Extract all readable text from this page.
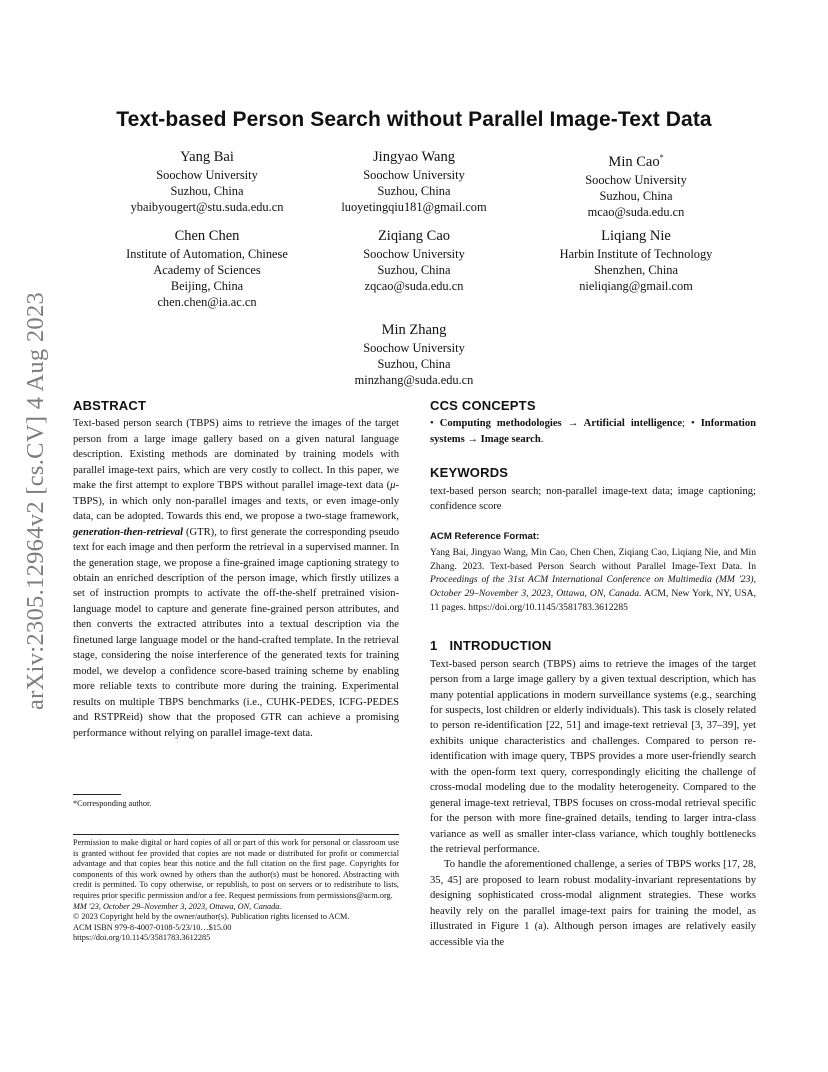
Text-based Person Search without Parallel Image-Text Data
Yang Bai
Soochow University
Suzhou, China
ybaibyougert@stu.suda.edu.cn
Jingyao Wang
Soochow University
Suzhou, China
luoyetingqiu181@gmail.com
Min Cao*
Soochow University
Suzhou, China
mcao@suda.edu.cn
Chen Chen
Institute of Automation, Chinese
Academy of Sciences
Beijing, China
chen.chen@ia.ac.cn
Ziqiang Cao
Soochow University
Suzhou, China
zqcao@suda.edu.cn
Liqiang Nie
Harbin Institute of Technology
Shenzhen, China
nieliqiang@gmail.com
Min Zhang
Soochow University
Suzhou, China
minzhang@suda.edu.cn
arXiv:2305.12964v2 [cs.CV] 4 Aug 2023 ABSTRACT

Text-based person search (TBPS) aims to retrieve the images of the target person from a large image gallery based on a given natural language description. Existing methods are dominated by training models with parallel image-text pairs, which are very costly to collect. In this paper, we make the first attempt to explore TBPS without parallel image-text data (μ-TBPS), in which only non-parallel images and texts, or even image-only data, can be adopted. Towards this end, we propose a two-stage framework, generation-then-retrieval (GTR), to first generate the corresponding pseudo text for each image and then perform the retrieval in a supervised manner. In the generation stage, we propose a fine-grained image captioning strategy to obtain an enriched description of the person image, which firstly utilizes a set of instruction prompts to activate the off-the-shelf pretrained vision-language model to capture and generate fine-grained person attributes, and then converts the extracted attributes into a textual description via the finetuned large language model or the hand-crafted template. In the retrieval stage, considering the noise interference of the generated texts for training model, we develop a confidence score-based training scheme by enabling more reliable texts to contribute more during the training. Experimental results on multiple TBPS benchmarks (i.e., CUHK-PEDES, ICFG-PEDES and RSTPReid) show that the proposed GTR can achieve a promising performance without relying on parallel image-text data.

*Corresponding author.
Permission to make digital or hard copies of all or part of this work for personal or classroom use is granted without fee provided that copies are not made or distributed for profit or commercial advantage and that copies bear this notice and the full citation on the first page. Copyrights for components of this work owned by others than the author(s) must be honored. Abstracting with credit is permitted. To copy otherwise, or republish, to post on servers or to redistribute to lists, requires prior specific permission and/or a fee. Request permissions from permissions@acm.org.
MM '23, October 29–November 3, 2023, Ottawa, ON, Canada.
© 2023 Copyright held by the owner/author(s). Publication rights licensed to ACM.
ACM ISBN 979-8-4007-0108-5/23/10…$15.00
https://doi.org/10.1145/3581783.3612285
CCS CONCEPTS

• Computing methodologies → Artificial intelligence; • Information systems → Image search.

KEYWORDS

text-based person search; non-parallel image-text data; image captioning; confidence score

ACM Reference Format:

Yang Bai, Jingyao Wang, Min Cao, Chen Chen, Ziqiang Cao, Liqiang Nie, and Min Zhang. 2023. Text-based Person Search without Parallel Image-Text Data. In Proceedings of the 31st ACM International Conference on Multimedia (MM '23), October 29–November 3, 2023, Ottawa, ON, Canada. ACM, New York, NY, USA, 11 pages. https://doi.org/10.1145/3581783.3612285

1 INTRODUCTION

Text-based person search (TBPS) aims to retrieve the images of the target person from a large image gallery by a given textual description, which has many potential applications in modern surveillance systems (e.g., searching for suspects, lost children or elderly individuals). This task is closely related to person re-identification [22, 51] and image-text retrieval [3, 37–39], yet exhibits unique characteristics and challenges. Compared to person re-identification with image query, TBPS provides a more user-friendly search with the open-form text query, correspondingly eliciting the challenge of cross-modal modeling due to the modality heterogeneity. Compared to the general image-text retrieval, TBPS focuses on cross-modal retrieval specific for the person with more fine-grained details, tending to larger intra-class variance as well as smaller inter-class variance, which toughly bottlenecks the retrieval performance.

To handle the aforementioned challenge, a series of TBPS works [17, 28, 35, 45] are proposed to learn robust modality-invariant representations by designing sophisticated cross-modal alignment strategies. These works heavily rely on the parallel image-text pairs for training the model, as illustrated in Figure 1 (a). Although person images are relatively easily accessible via the
